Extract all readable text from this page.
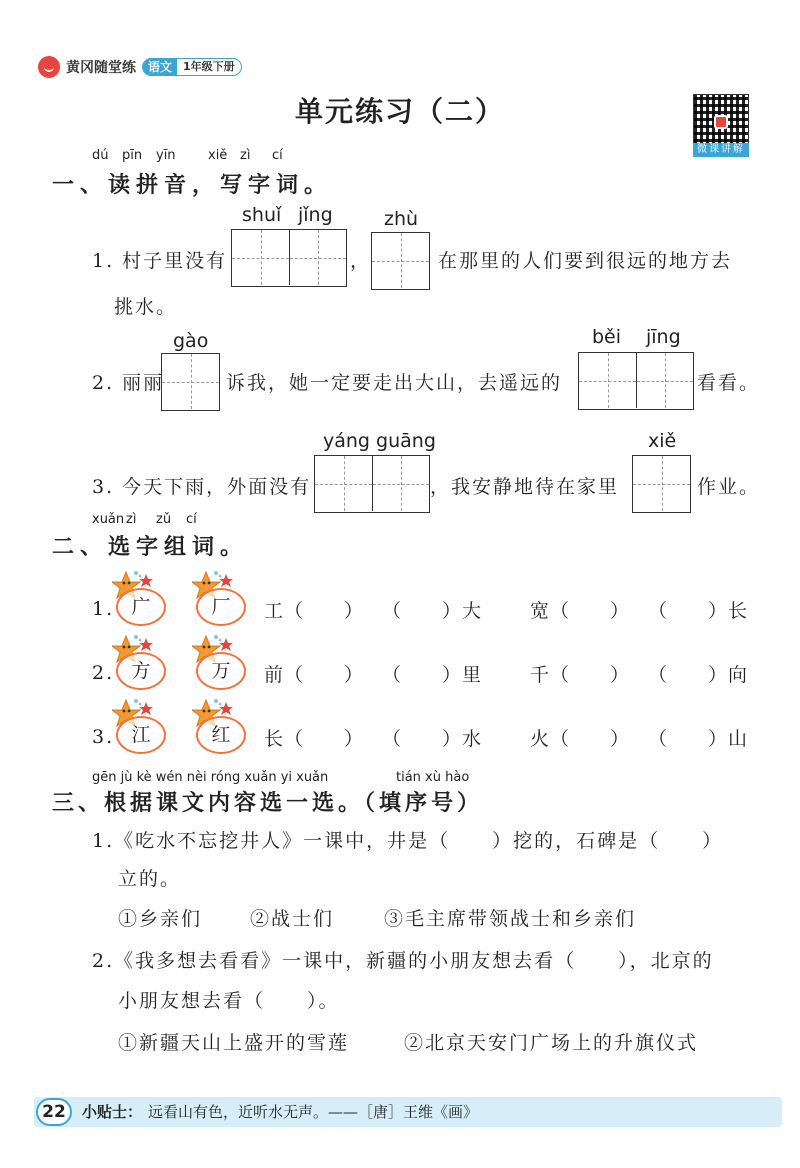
黄冈随堂练	语文	1年级下册
单元练习（二）
微课讲解
dú pīn yīn xiě zì cí
一、读拼音，写字词。
1. 村子里没有
shuǐ jǐng
，
zhù
在那里的人们要到很远的地方去
挑水。
2. 丽丽
gào
诉我，她一定要走出大山，去遥远的
běi jīng
看看。
3. 今天下雨，外面没有
yáng guāng
，我安静地待在家里
xiě
作业。
xuǎn zì zǔ cí
二、选字组词。
1. 广	厂	工（　　） （　　）大	宽（　　） （　　）长
2. 方	万	前（　　） （　　）里	千（　　） （　　）向
3. 江	红	长（　　） （　　）水	火（　　） （　　）山
gēn jù kè wén nèi róng xuǎn yi xuǎn	tián xù hào
三、根据课文内容选一选。（填序号）
1.《吃水不忘挖井人》一课中，井是（　　）挖的，石碑是（　　）
立的。
①乡亲们	②战士们	③毛主席带领战士和乡亲们
2.《我多想去看看》一课中，新疆的小朋友想去看（　　），北京的
小朋友想去看（　　）。
①新疆天山上盛开的雪莲	②北京天安门广场上的升旗仪式
22	小贴士： 远看山有色，近听水无声。——［唐］王维《画》
